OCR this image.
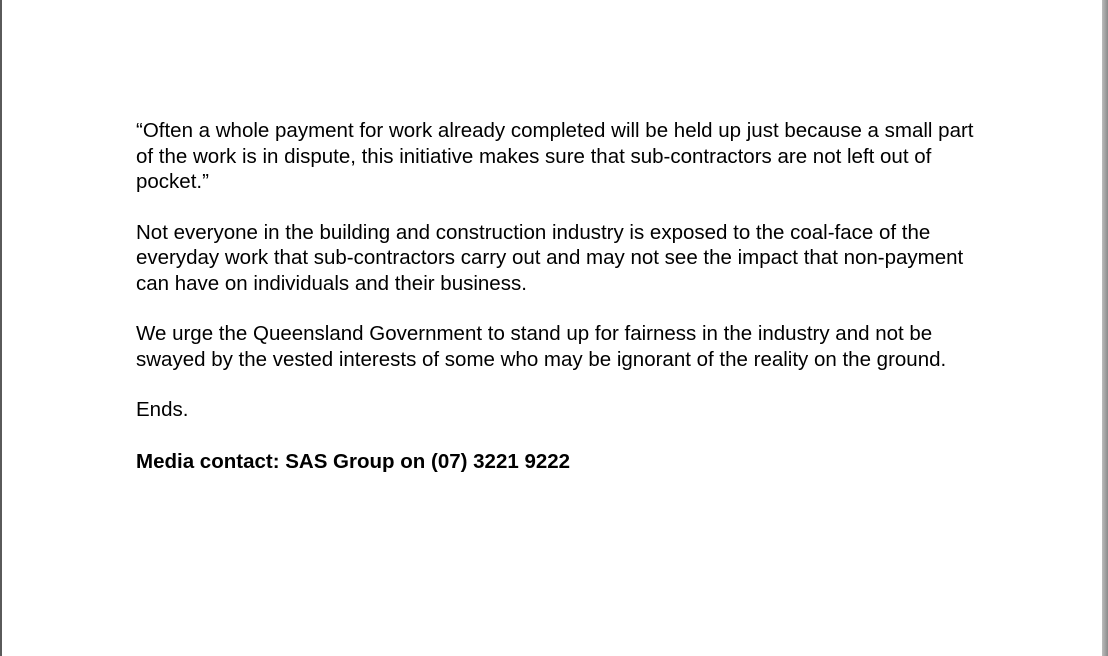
“Often a whole payment for work already completed will be held up just because a small part of the work is in dispute, this initiative makes sure that sub-contractors are not left out of pocket.”

Not everyone in the building and construction industry is exposed to the coal-face of the everyday work that sub-contractors carry out and may not see the impact that non-payment can have on individuals and their business.

We urge the Queensland Government to stand up for fairness in the industry and not be swayed by the vested interests of some who may be ignorant of the reality on the ground.

Ends.

Media contact: SAS Group on (07) 3221 9222
